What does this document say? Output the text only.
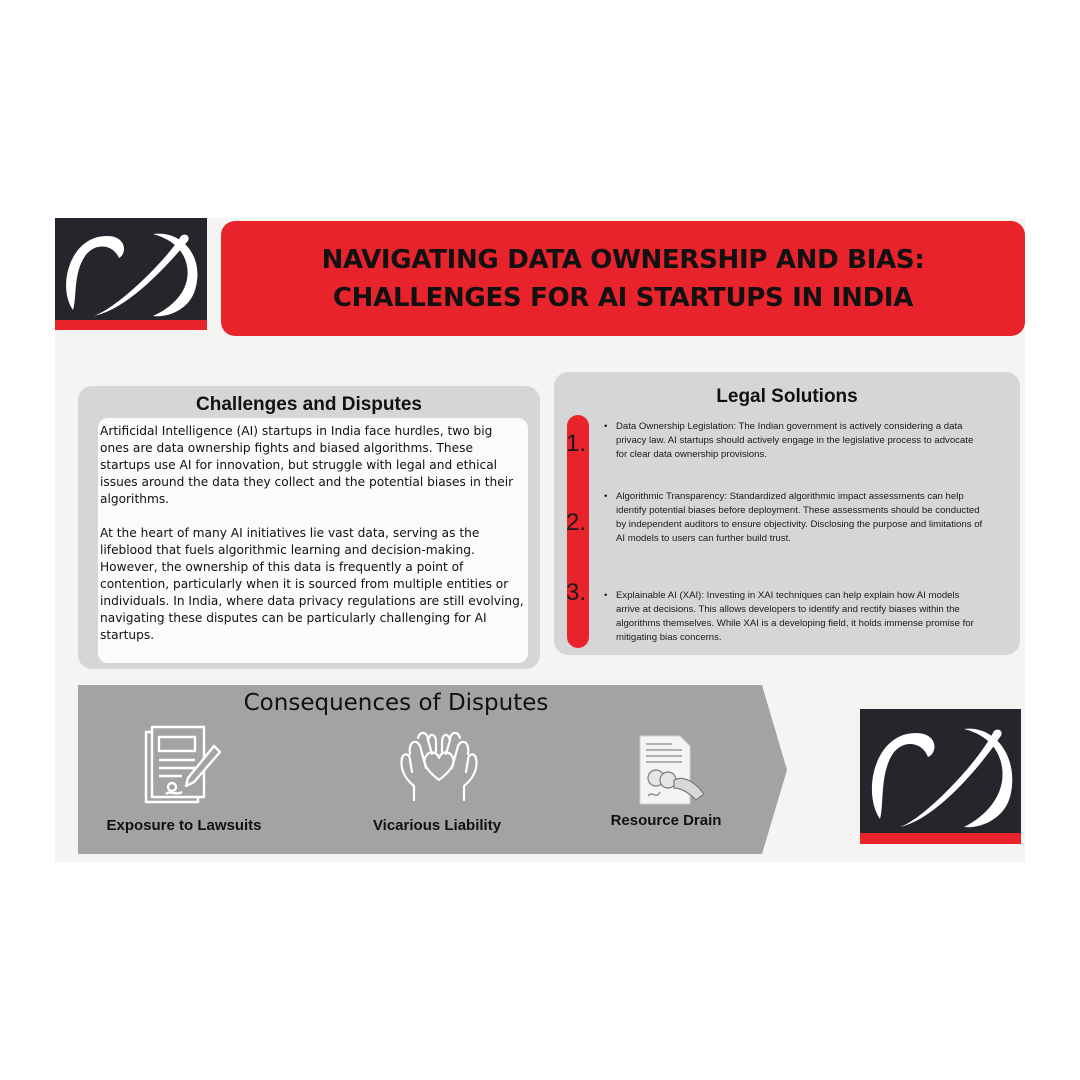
NAVIGATING DATA OWNERSHIP AND BIAS: CHALLENGES FOR AI STARTUPS IN INDIA
Challenges and Disputes

Artificidal Intelligence (AI) startups in India face hurdles, two big ones are data ownership fights and biased algorithms. These startups use AI for innovation, but struggle with legal and ethical issues around the data they collect and the potential biases in their algorithms.

At the heart of many AI initiatives lie vast data, serving as the lifeblood that fuels algorithmic learning and decision-making. However, the ownership of this data is frequently a point of contention, particularly when it is sourced from multiple entities or individuals. In India, where data privacy regulations are still evolving, navigating these disputes can be particularly challenging for AI startups.

Legal Solutions
1.
• Data Ownership Legislation: The Indian government is actively considering a data privacy law. AI startups should actively engage in the legislative process to advocate for clear data ownership provisions.
2.
• Algorithmic Transparency: Standardized algorithmic impact assessments can help identify potential biases before deployment. These assessments should be conducted by independent auditors to ensure objectivity. Disclosing the purpose and limitations of AI models to users can further build trust.
3.
•	Explainable AI (XAI): Investing in XAI techniques can help explain how AI models arrive at decisions. This allows developers to identify and rectify biases within the algorithms themselves. While XAI is a developing field, it holds immense promise for mitigating bias concerns.
Consequences of Disputes
Exposure to Lawsuits	Vicarious Liability	Resource Drain
